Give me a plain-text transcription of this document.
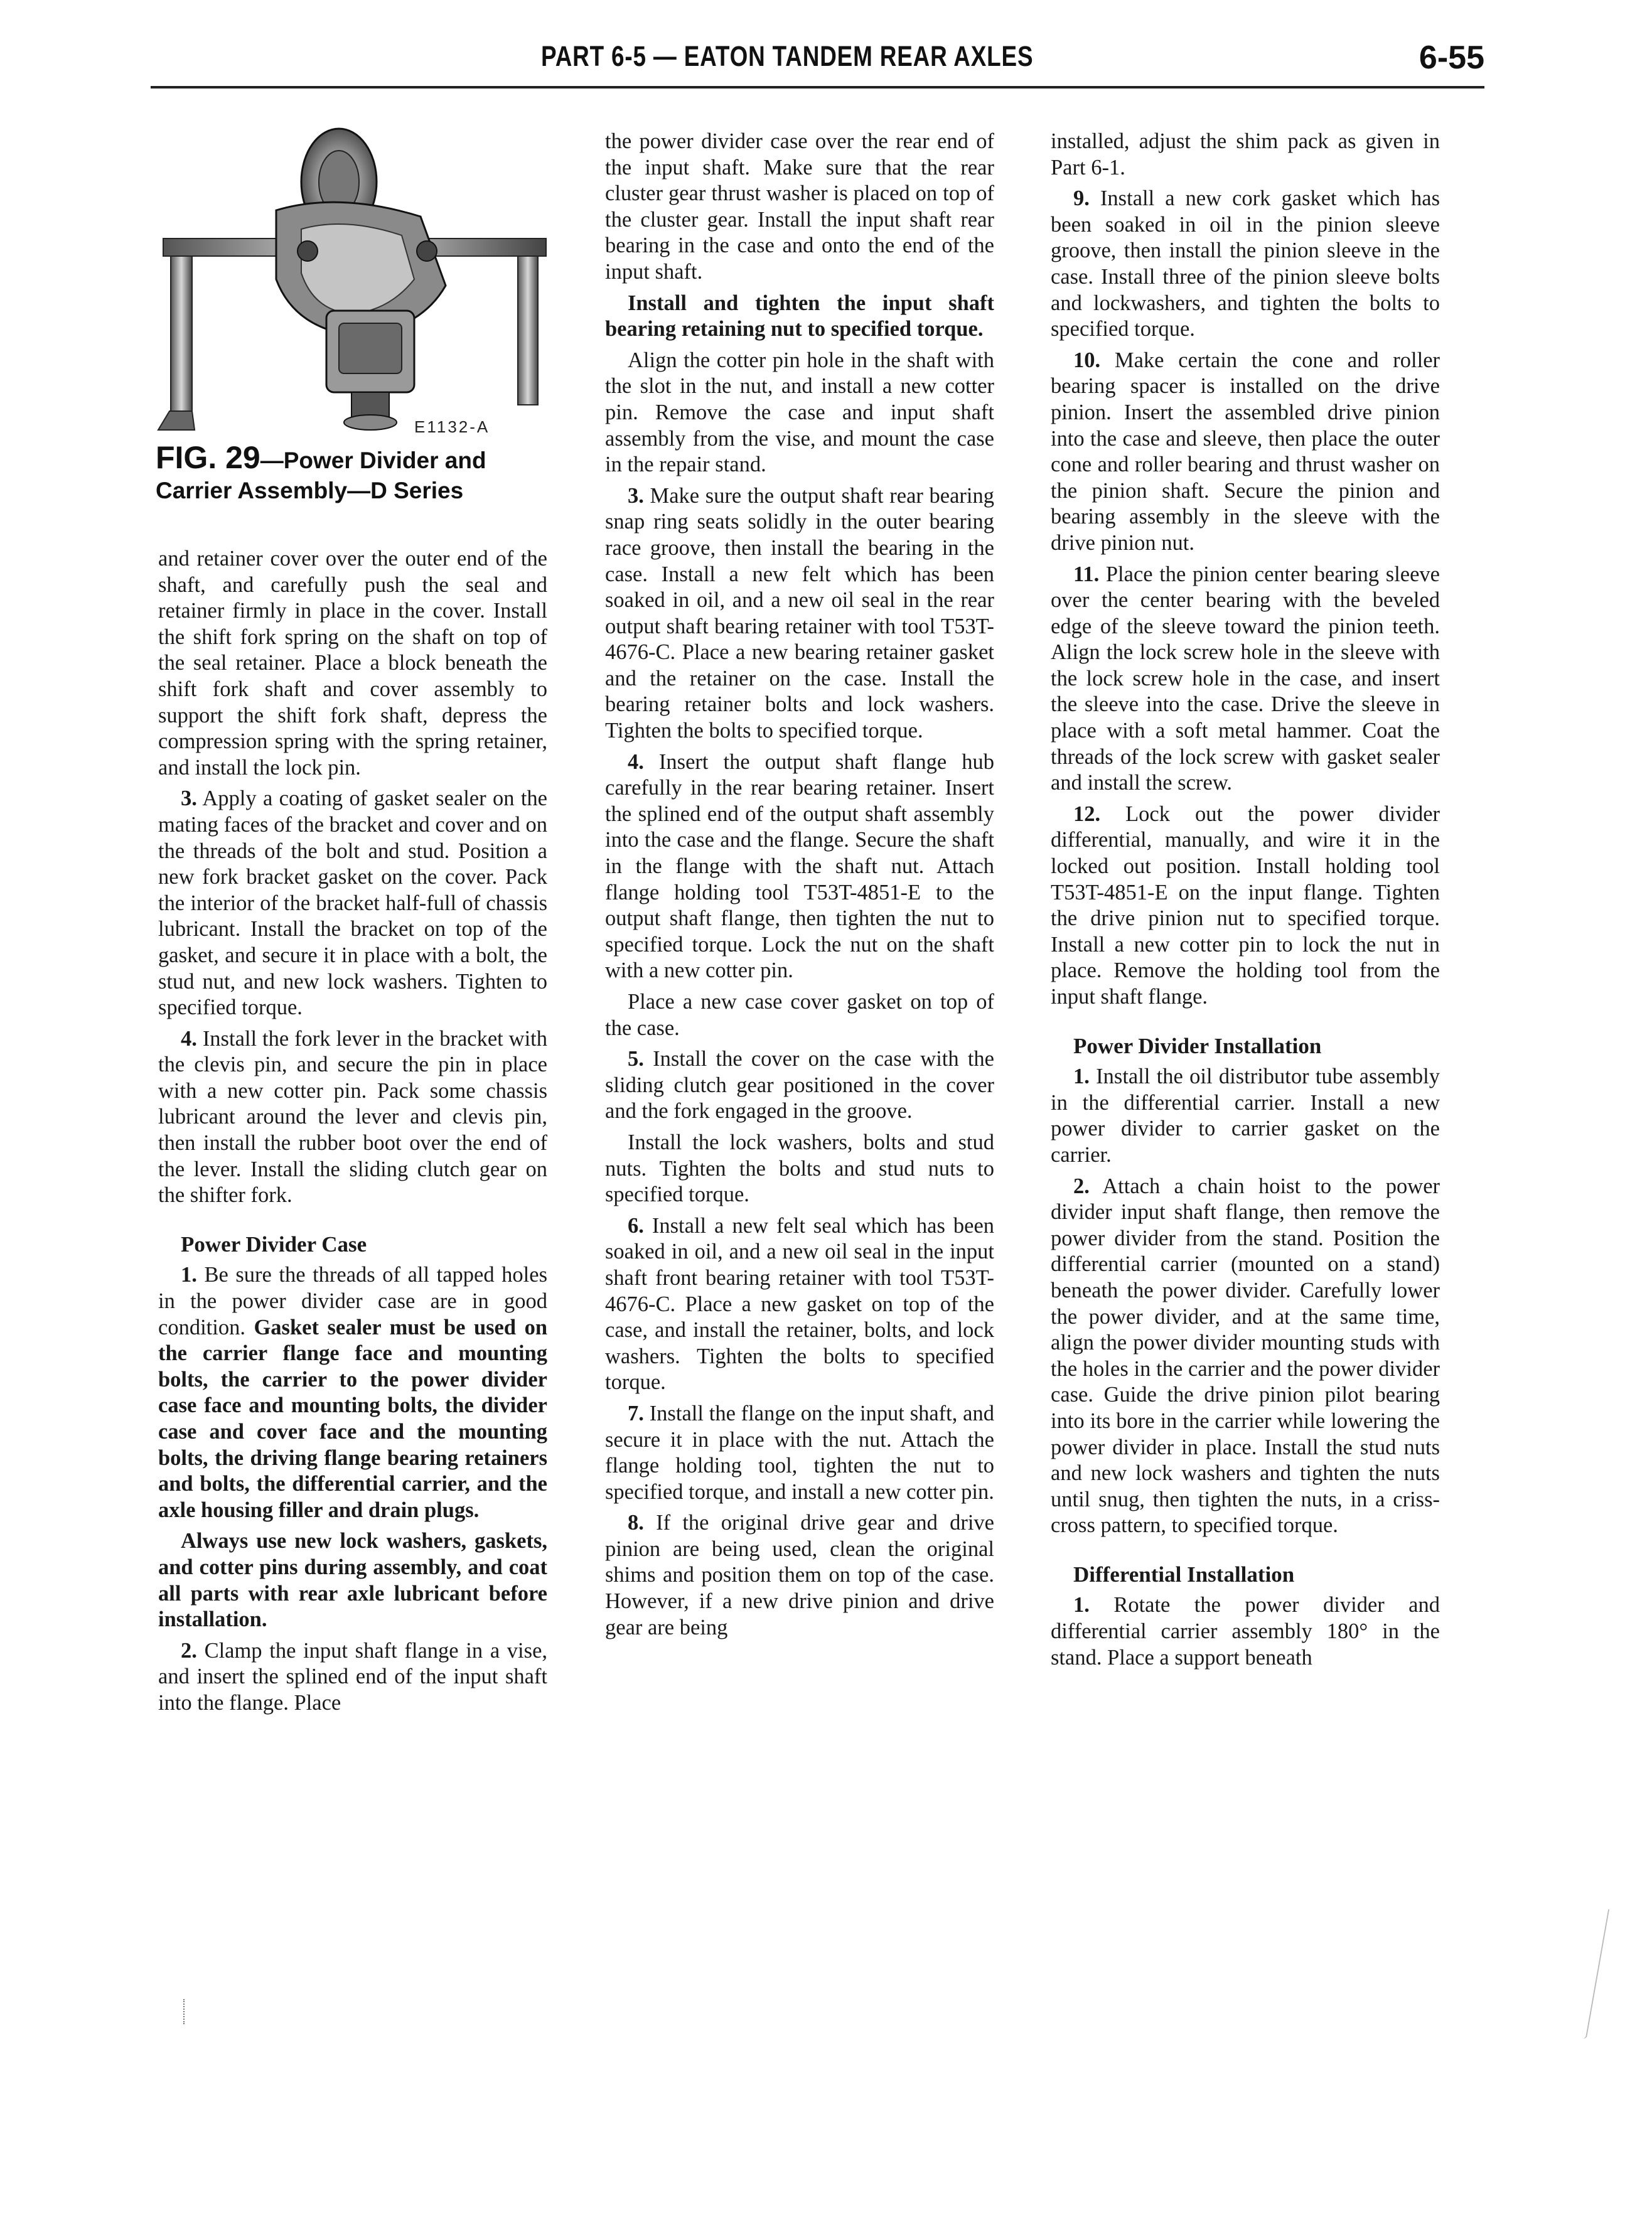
PART 6-5 — EATON TANDEM REAR AXLES	6-55
E1132-A
FIG. 29—Power Divider and Carrier Assembly—D Series

and retainer cover over the outer end of the shaft, and carefully push the seal and retainer firmly in place in the cover. Install the shift fork spring on the shaft on top of the seal retainer. Place a block beneath the shift fork shaft and cover assembly to support the shift fork shaft, depress the compression spring with the spring retainer, and install the lock pin.

3. Apply a coating of gasket sealer on the mating faces of the bracket and cover and on the threads of the bolt and stud. Position a new fork bracket gasket on the cover. Pack the interior of the bracket half-full of chassis lubricant. Install the bracket on top of the gasket, and secure it in place with a bolt, the stud nut, and new lock washers. Tighten to specified torque.

4. Install the fork lever in the bracket with the clevis pin, and secure the pin in place with a new cotter pin. Pack some chassis lubricant around the lever and clevis pin, then install the rubber boot over the end of the lever. Install the sliding clutch gear on the shifter fork.

Power Divider Case

1. Be sure the threads of all tapped holes in the power divider case are in good condition. Gasket sealer must be used on the carrier flange face and mounting bolts, the carrier to the power divider case face and mounting bolts, the divider case and cover face and the mounting bolts, the driving flange bearing retainers and bolts, the differential carrier, and the axle housing filler and drain plugs.

Always use new lock washers, gaskets, and cotter pins during assembly, and coat all parts with rear axle lubricant before installation.

2. Clamp the input shaft flange in a vise, and insert the splined end of the input shaft into the flange. Place

the power divider case over the rear end of the input shaft. Make sure that the rear cluster gear thrust washer is placed on top of the cluster gear. Install the input shaft rear bearing in the case and onto the end of the input shaft.

Install and tighten the input shaft bearing retaining nut to specified torque.

Align the cotter pin hole in the shaft with the slot in the nut, and install a new cotter pin. Remove the case and input shaft assembly from the vise, and mount the case in the repair stand.

3. Make sure the output shaft rear bearing snap ring seats solidly in the outer bearing race groove, then install the bearing in the case. Install a new felt which has been soaked in oil, and a new oil seal in the rear output shaft bearing retainer with tool T53T-4676-C. Place a new bearing retainer gasket and the retainer on the case. Install the bearing retainer bolts and lock washers. Tighten the bolts to specified torque.

4. Insert the output shaft flange hub carefully in the rear bearing retainer. Insert the splined end of the output shaft assembly into the case and the flange. Secure the shaft in the flange with the shaft nut. Attach flange holding tool T53T-4851-E to the output shaft flange, then tighten the nut to specified torque. Lock the nut on the shaft with a new cotter pin.

Place a new case cover gasket on top of the case.

5. Install the cover on the case with the sliding clutch gear positioned in the cover and the fork engaged in the groove.

Install the lock washers, bolts and stud nuts. Tighten the bolts and stud nuts to specified torque.

6. Install a new felt seal which has been soaked in oil, and a new oil seal in the input shaft front bearing retainer with tool T53T-4676-C. Place a new gasket on top of the case, and install the retainer, bolts, and lock washers. Tighten the bolts to specified torque.

7. Install the flange on the input shaft, and secure it in place with the nut. Attach the flange holding tool, tighten the nut to specified torque, and install a new cotter pin.

8. If the original drive gear and drive pinion are being used, clean the original shims and position them on top of the case. However, if a new drive pinion and drive gear are being

installed, adjust the shim pack as given in Part 6-1.

9. Install a new cork gasket which has been soaked in oil in the pinion sleeve groove, then install the pinion sleeve in the case. Install three of the pinion sleeve bolts and lockwashers, and tighten the bolts to specified torque.

10. Make certain the cone and roller bearing spacer is installed on the drive pinion. Insert the assembled drive pinion into the case and sleeve, then place the outer cone and roller bearing and thrust washer on the pinion shaft. Secure the pinion and bearing assembly in the sleeve with the drive pinion nut.

11. Place the pinion center bearing sleeve over the center bearing with the beveled edge of the sleeve toward the pinion teeth. Align the lock screw hole in the sleeve with the lock screw hole in the case, and insert the sleeve into the case. Drive the sleeve in place with a soft metal hammer. Coat the threads of the lock screw with gasket sealer and install the screw.

12. Lock out the power divider differential, manually, and wire it in the locked out position. Install holding tool T53T-4851-E on the input flange. Tighten the drive pinion nut to specified torque. Install a new cotter pin to lock the nut in place. Remove the holding tool from the input shaft flange.

Power Divider Installation

1. Install the oil distributor tube assembly in the differential carrier. Install a new power divider to carrier gasket on the carrier.

2. Attach a chain hoist to the power divider input shaft flange, then remove the power divider from the stand. Position the differential carrier (mounted on a stand) beneath the power divider. Carefully lower the power divider, and at the same time, align the power divider mounting studs with the holes in the carrier and the power divider case. Guide the drive pinion pilot bearing into its bore in the carrier while lowering the power divider in place. Install the stud nuts and new lock washers and tighten the nuts until snug, then tighten the nuts, in a criss-cross pattern, to specified torque.

Differential Installation

1. Rotate the power divider and differential carrier assembly 180° in the stand. Place a support beneath
